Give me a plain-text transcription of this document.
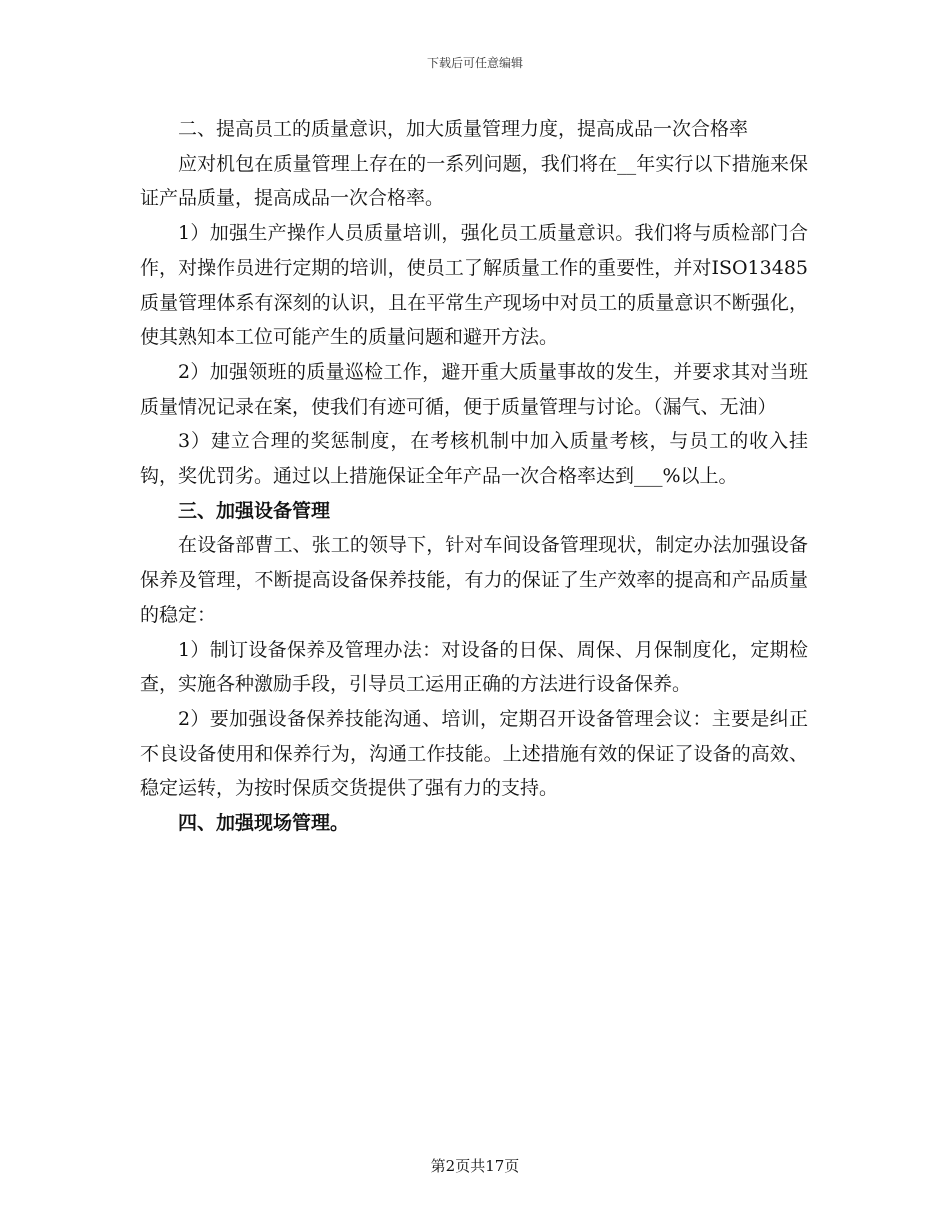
下载后可任意编辑

二、提高员工的质量意识，加大质量管理力度，提高成品一次合格率

应对机包在质量管理上存在的一系列问题，我们将在__年实行以下措施来保证产品质量，提高成品一次合格率。

1）加强生产操作人员质量培训，强化员工质量意识。我们将与质检部门合作，对操作员进行定期的培训，使员工了解质量工作的重要性，并对ISO13485质量管理体系有深刻的认识，且在平常生产现场中对员工的质量意识不断强化，使其熟知本工位可能产生的质量问题和避开方法。

2）加强领班的质量巡检工作，避开重大质量事故的发生，并要求其对当班质量情况记录在案，使我们有迹可循，便于质量管理与讨论。（漏气、无油）

3）建立合理的奖惩制度，在考核机制中加入质量考核，与员工的收入挂钩，奖优罚劣。通过以上措施保证全年产品一次合格率达到___%以上。

三、加强设备管理

在设备部曹工、张工的领导下，针对车间设备管理现状，制定办法加强设备保养及管理，不断提高设备保养技能，有力的保证了生产效率的提高和产品质量的稳定：

1）制订设备保养及管理办法：对设备的日保、周保、月保制度化，定期检查，实施各种激励手段，引导员工运用正确的方法进行设备保养。

2）要加强设备保养技能沟通、培训，定期召开设备管理会议：主要是纠正不良设备使用和保养行为，沟通工作技能。上述措施有效的保证了设备的高效、稳定运转，为按时保质交货提供了强有力的支持。

四、加强现场管理。

第2页共17页
